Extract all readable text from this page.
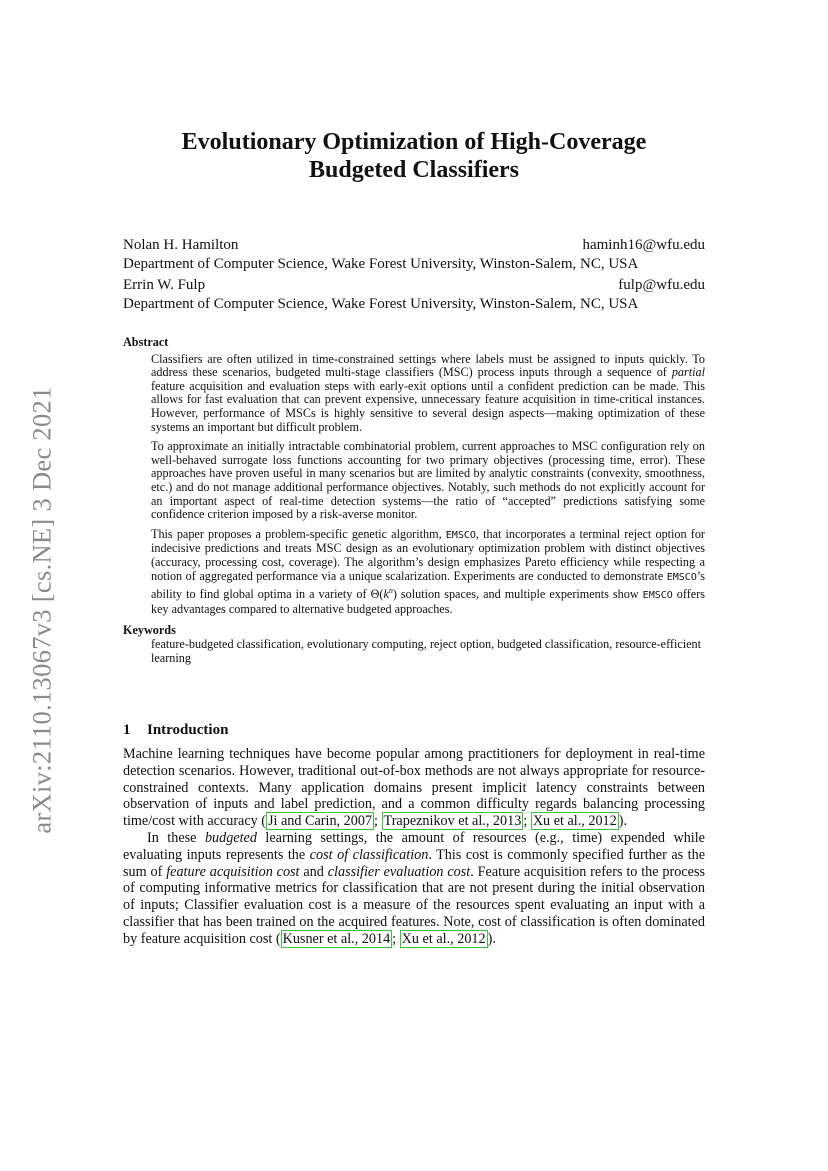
arXiv:2110.13067v3 [cs.NE] 3 Dec 2021
Evolutionary Optimization of High-Coverage
Budgeted Classifiers
Nolan H. Hamilton	haminh16@wfu.edu
Department of Computer Science, Wake Forest University, Winston-Salem, NC, USA
Errin W. Fulp	fulp@wfu.edu
Department of Computer Science, Wake Forest University, Winston-Salem, NC, USA
Abstract

Classifiers are often utilized in time-constrained settings where labels must be assigned to inputs quickly. To address these scenarios, budgeted multi-stage classifiers (MSC) process inputs through a sequence of partial feature acquisition and evaluation steps with early-exit options until a confident prediction can be made. This allows for fast evaluation that can prevent expensive, unnecessary feature acquisition in time-critical instances. However, performance of MSCs is highly sensitive to several design aspects—making optimization of these systems an important but difficult problem.

To approximate an initially intractable combinatorial problem, current approaches to MSC configuration rely on well-behaved surrogate loss functions accounting for two primary objectives (processing time, error). These approaches have proven useful in many scenarios but are limited by analytic constraints (convexity, smoothness, etc.) and do not manage additional performance objectives. Notably, such methods do not explicitly account for an important aspect of real-time detection systems—the ratio of “accepted” predictions satisfying some confidence criterion imposed by a risk-averse monitor.

This paper proposes a problem-specific genetic algorithm, EMSCO, that incorporates a terminal reject option for indecisive predictions and treats MSC design as an evolutionary optimization problem with distinct objectives (accuracy, processing cost, coverage). The algorithm’s design emphasizes Pareto efficiency while respecting a notion of aggregated performance via a unique scalarization. Experiments are conducted to demonstrate EMSCO’s ability to find global optima in a variety of $\Theta(k^n)$ solution spaces, and multiple experiments show EMSCO offers key advantages compared to alternative budgeted approaches.

Keywords
feature-budgeted classification, evolutionary computing, reject option, budgeted classification, resource-efficient learning
1 Introduction

Machine learning techniques have become popular among practitioners for deployment in real-time detection scenarios. However, traditional out-of-box methods are not always appropriate for resource-constrained contexts. Many application domains present implicit latency constraints between observation of inputs and label prediction, and a common difficulty regards balancing processing time/cost with accuracy ( Ji and Carin, 2007 ; Trapeznikov et al., 2013 ; Xu et al., 2012 ).

In these budgeted learning settings, the amount of resources (e.g., time) expended while evaluating inputs represents the cost of classification. This cost is commonly specified further as the sum of feature acquisition cost and classifier evaluation cost. Feature acquisition refers to the process of computing informative metrics for classification that are not present during the initial observation of inputs; Classifier evaluation cost is a measure of the resources spent evaluating an input with a classifier that has been trained on the acquired features. Note, cost of classification is often dominated by feature acquisition cost ( Kusner et al., 2014 ; Xu et al., 2012 ).
